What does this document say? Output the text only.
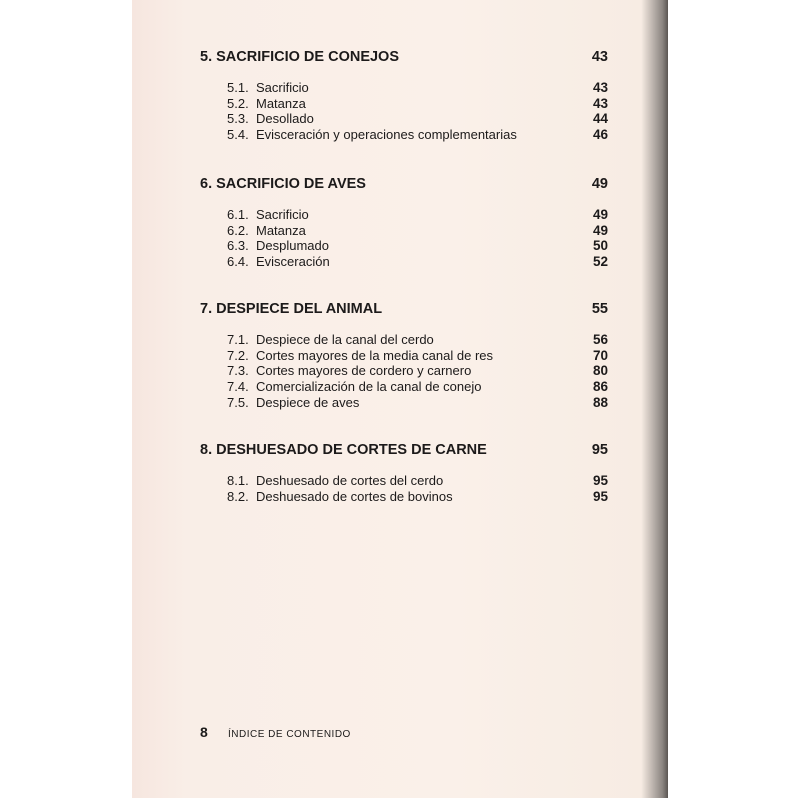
5. SACRIFICIO DE CONEJOS	43
5.1. Sacrificio	43
5.2. Matanza	43
5.3. Desollado	44
5.4. Evisceración y operaciones complementarias	46
6. SACRIFICIO DE AVES	49
6.1. Sacrificio	49
6.2. Matanza	49
6.3. Desplumado	50
6.4. Evisceración	52
7. DESPIECE DEL ANIMAL	55
7.1. Despiece de la canal del cerdo	56
7.2. Cortes mayores de la media canal de res	70
7.3. Cortes mayores de cordero y carnero	80
7.4. Comercialización de la canal de conejo	86
7.5. Despiece de aves	88
8. DESHUESADO DE CORTES DE CARNE	95
8.1. Deshuesado de cortes del cerdo	95
8.2. Deshuesado de cortes de bovinos	95
8	ÍNDICE DE CONTENIDO
